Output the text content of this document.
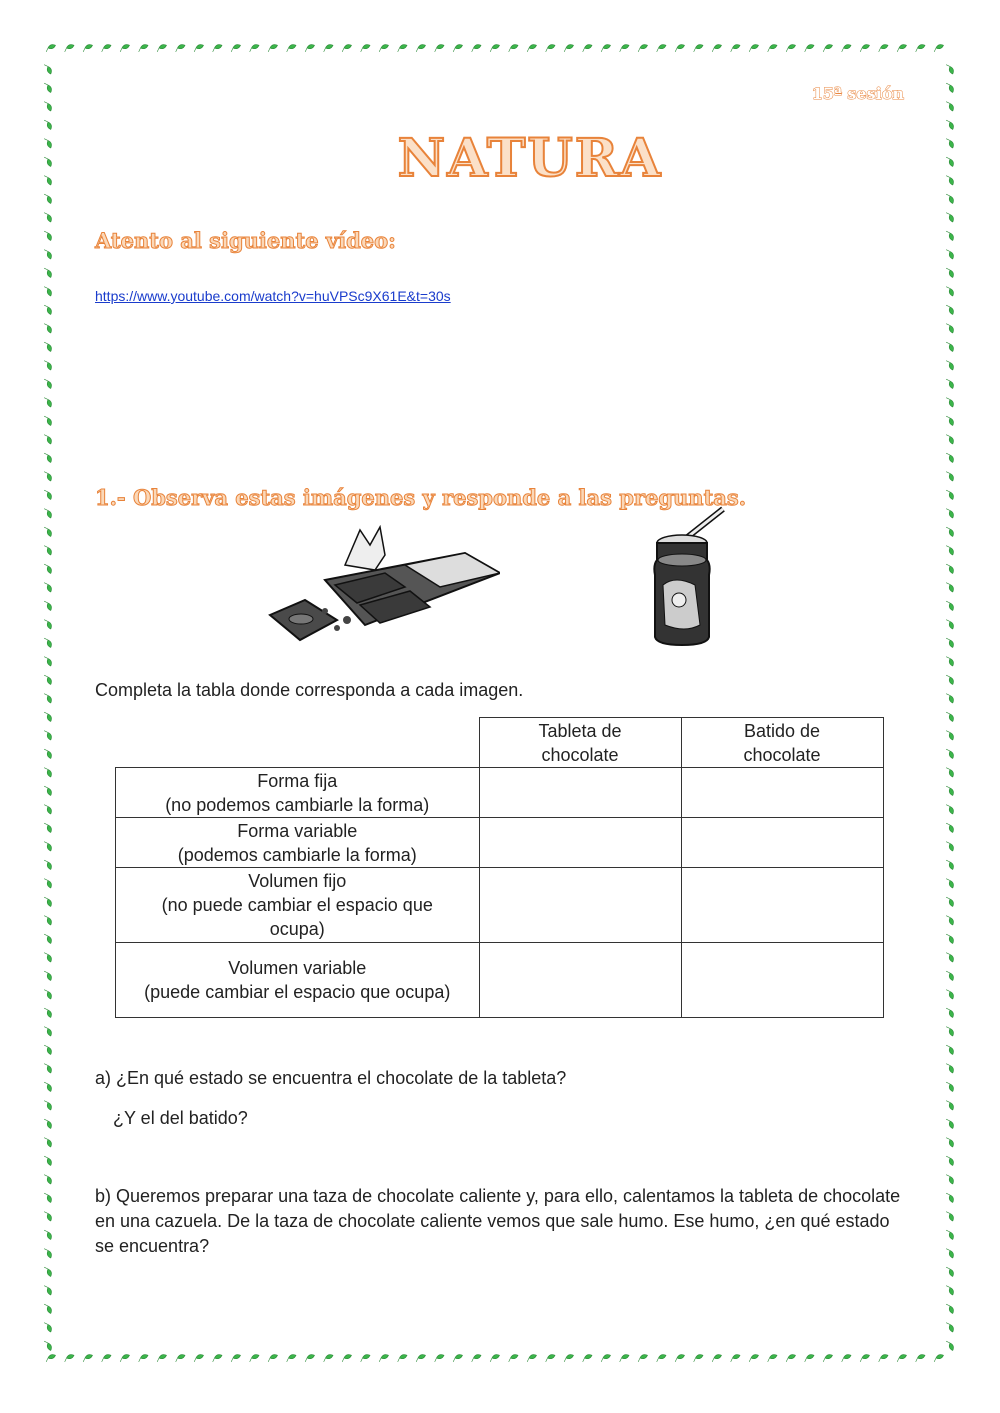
15ª sesión
NATURA
Atento al siguiente vídeo:
https://www.youtube.com/watch?v=huVPSc9X61E&t=30s
1.- Observa estas imágenes y responde a las preguntas.
Completa la tabla donde corresponda a cada imagen.
	Tableta de chocolate	Batido de chocolate

Forma fija
(no podemos cambiarle la forma)		

Forma variable
(podemos cambiarle la forma)		

Volumen fijo
(no puede cambiar el espacio que ocupa)		

Volumen variable
(puede cambiar el espacio que ocupa)		

a) ¿En qué estado se encuentra el chocolate de la tableta?
¿Y el del batido?
b) Queremos preparar una taza de chocolate caliente y, para ello, calentamos la tableta de chocolate en una cazuela. De la taza de chocolate caliente vemos que sale humo. Ese humo, ¿en qué estado se encuentra?
